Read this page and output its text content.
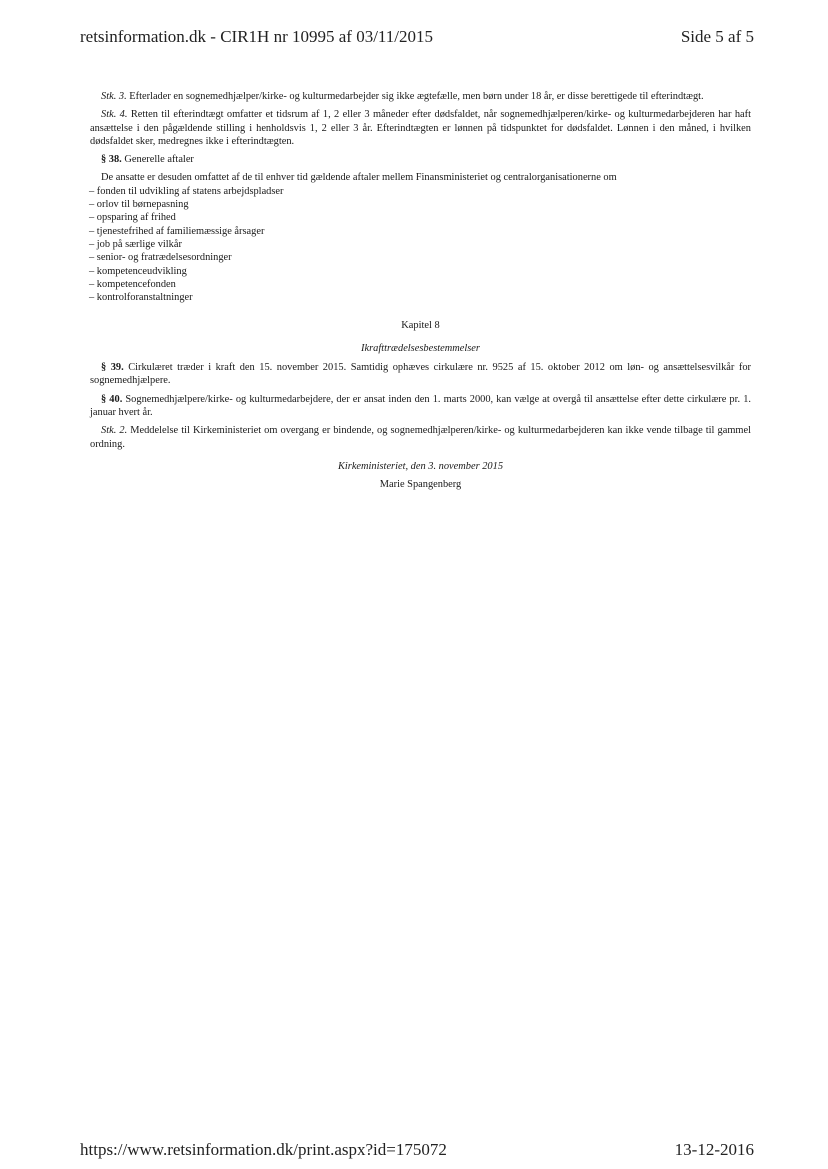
retsinformation.dk - CIR1H nr 10995 af 03/11/2015	Side 5 af 5

Stk. 3. Efterlader en sognemedhjælper/kirke- og kulturmedarbejder sig ikke ægtefælle, men børn under 18 år, er disse berettigede til efterindtægt.

Stk. 4. Retten til efterindtægt omfatter et tidsrum af 1, 2 eller 3 måneder efter dødsfaldet, når sognemedhjælperen/kirke- og kulturmedarbejderen har haft ansættelse i den pågældende stilling i henholdsvis 1, 2 eller 3 år. Efterindtægten er lønnen på tidspunktet for dødsfaldet. Lønnen i den måned, i hvilken dødsfaldet sker, medregnes ikke i efterindtægten.

§ 38. Generelle aftaler

De ansatte er desuden omfattet af de til enhver tid gældende aftaler mellem Finansministeriet og centralorganisationerne om

– fonden til udvikling af statens arbejdspladser
– orlov til børnepasning
– opsparing af frihed
– tjenestefrihed af familiemæssige årsager
– job på særlige vilkår
– senior- og fratrædelsesordninger
– kompetenceudvikling
– kompetencefonden
– kontrolforanstaltninger

Kapitel 8

Ikrafttrædelsesbestemmelser

§ 39. Cirkulæret træder i kraft den 15. november 2015. Samtidig ophæves cirkulære nr. 9525 af 15. oktober 2012 om løn- og ansættelsesvilkår for sognemedhjælpere.

§ 40. Sognemedhjælpere/kirke- og kulturmedarbejdere, der er ansat inden den 1. marts 2000, kan vælge at overgå til ansættelse efter dette cirkulære pr. 1. januar hvert år.

Stk. 2. Meddelelse til Kirkeministeriet om overgang er bindende, og sognemedhjælperen/kirke- og kulturmedarbejderen kan ikke vende tilbage til gammel ordning.

Kirkeministeriet, den 3. november 2015

Marie Spangenberg

https://www.retsinformation.dk/print.aspx?id=175072	13-12-2016
